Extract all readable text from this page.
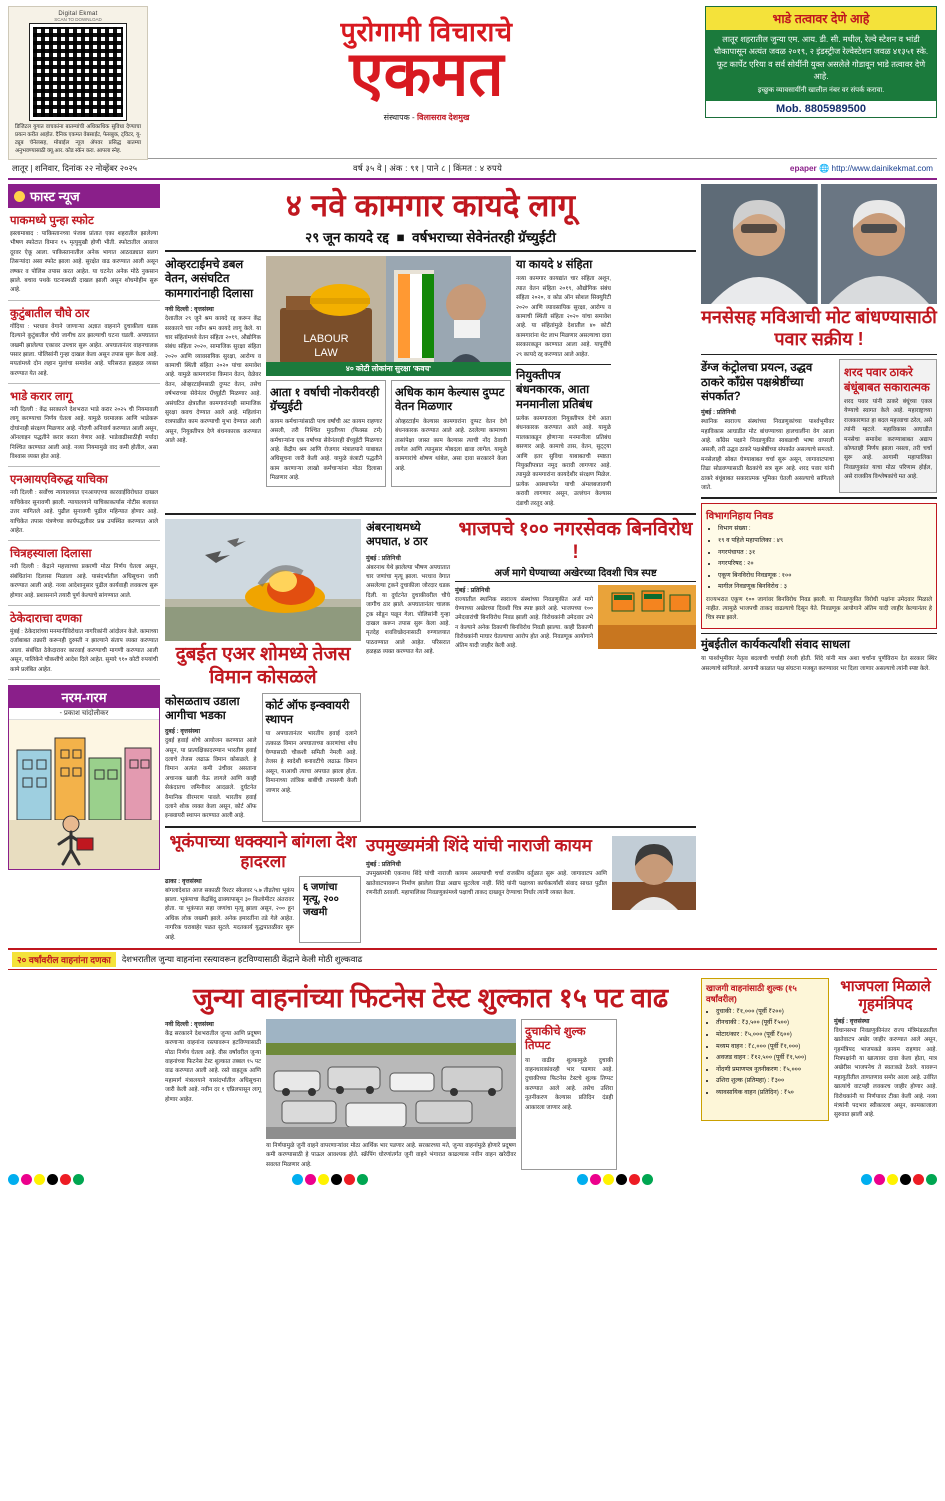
Digital Ekmat
SCAN TO DOWNLOAD
डिजिटल युगात वाचकांना बातम्यांची अधिकाधिक सुविधा देण्याचा प्रयत्न करीत आहोत. दैनिक एकमत वेबसाईट, फेसबुक, ट्विटर, यू-ट्यूब चॅनेलसह, मोबाईल न्यूज ॲपवर प्रसिद्ध बातम्या अनुभवण्यासाठी क्यू.आर. कोड स्कॅन करा. आपला स्नेह.
पुरोगामी विचाराचे
एकमत
संस्थापक - विलासराव देशमुख
भाडे तत्वावर देणे आहे
लातूर शहरातील जुन्या एम. आय. डी. सी. मधील, रेल्वे स्टेशन व भांडी चौकापासून अत्यंत जवळ २०१९, २ इंडस्ट्रीज रेल्वेस्टेशन जवळ ४१३५१ स्के. फूट कार्पेट एरिया व सर्व सोयींनी युक्त असलेले गोडावून भाडे तत्वावर देणे आहे.
इच्छुक व्यावसायींनी खालील नंबर वर संपर्क करावा.
Mob. 8805989500
लातूर | शनिवार, दिनांक २२ नोव्हेंबर २०२५	वर्ष ३५ वे | अंक : ९१ | पाने ८ | किंमत : ४ रुपये	epaper 🌐 http://www.dainikekmat.com
फास्ट न्यूज
पाकमध्ये पुन्हा स्फोट
इस्लामाबाद : पाकिस्तानच्या पंजाब प्रांतात एका शहरातील झालेल्या भीषण स्फोटात विमान १५ मृत्युमुखी होणी भीती. स्फोटातील आवाज दूरवर ऐकू आला. पाकिस्तानातील अनेक भागात आठवड्यात सलग तिसऱ्यांदा असा स्फोट झाला आहे. सुरक्षेत वाढ करण्यात आली असून लष्कर व पोलिस तपास करत आहेत. या घटनेत अनेक मोठे नुकसान झाले. बचाव पथके घटनास्थळी दाखल झाली असून शोधमोहीम सुरू आहे.
कुटुंबातील चौघे ठार
गोंदिया : भरधाव वेगाने जाणाऱ्या अज्ञात वाहनाने दुचाकीला धडक दिल्याने कुटुंबातील चौघे जागीच ठार झाल्याची घटना घडली. अपघातात जखमी झालेल्या एकावर उपचार सुरू आहेत. अपघातानंतर वाहनचालक पसार झाला. पोलिसांनी गुन्हा दाखल केला असून तपास सुरू केला आहे. मयतांमध्ये दोन लहान मुलांचा समावेश आहे. परिसरात हळहळ व्यक्त करण्यात येत आहे.
भाडे करार लागू
नवी दिल्ली : केंद्र सरकारने देशभरात भाडे करार २०२५ ची नियमावली लागू करण्याचा निर्णय घेतला आहे. यामुळे घरमालक आणि भाडेकरू दोघांनाही संरक्षण मिळणार आहे. नोंदणी अनिवार्य करण्यात आली असून, ऑनलाइन पद्धतीने करार करता येणार आहे. भाडेवाढीसाठीही मर्यादा निश्चित करण्यात आली आहे. नव्या नियमामुळे वाद कमी होतील, असा विश्वास व्यक्त होत आहे.
एनआयएविरुद्ध याचिका
नवी दिल्ली : सर्वोच्च न्यायालयात एनआयएच्या कारवाईविरोधात दाखल याचिकेवर सुनावणी झाली. न्यायालयाने याचिकाकर्त्यास नोटीस बजावत उत्तर मागितले आहे. पुढील सुनावणी पुढील महिन्यात होणार आहे. याचिकेत तपास यंत्रणेच्या कार्यपद्धतीवर प्रश्न उपस्थित करण्यात आले आहेत.
चित्रहस्याला दिलासा
नवी दिल्ली : केंद्राने महत्त्वाच्या प्रकरणी मोठा निर्णय घेतला असून, संबंधितांना दिलासा मिळाला आहे. यासंदर्भातील अधिसूचना जारी करण्यात आली आहे. नव्या आदेशानुसार पुढील कार्यवाही लवकरच सुरू होणार आहे. प्रशासनाने तयारी पूर्ण केल्याचे सांगण्यात आले.
ठेकेदाराचा दणका
मुंबई : ठेकेदारांच्या मनमानीविरोधात नागरिकांनी आंदोलन केले. कामाच्या दर्जाबाबत तक्रारी करूनही दुरुस्ती न झाल्याने संताप व्यक्त करण्यात आला. संबंधित ठेकेदारावर कारवाई करण्याची मागणी करण्यात आली असून, पालिकेने चौकशीचे आदेश दिले आहेत. सुमारे ९१० कोटी रुपयांची कामे प्रलंबित आहेत.
नरम-गरम
- प्रकाश चांदोलीकर
४ नवे कामगार कायदे लागू
२९ जून कायदे रद्द  ■  वर्षभराच्या सेवेनंतरही ग्रॅच्युईटी
ओव्हरटाईमचे डबल वेतन, असंघटित कामगारांनाही दिलासा
नवी दिल्ली : वृत्तसंस्था
देशातील २९ जुने श्रम कायदे रद्द करून केंद्र सरकारने चार नवीन श्रम कायदे लागू केले. या चार संहितांमध्ये वेतन संहिता २०१९, औद्योगिक संबंध संहिता २०२०, सामाजिक सुरक्षा संहिता २०२० आणि व्यावसायिक सुरक्षा, आरोग्य व कामाची स्थिती संहिता २०२० यांचा समावेश आहे. यामुळे कामगारांना किमान वेतन, वेळेवर वेतन, ओव्हरटाईमसाठी दुप्पट वेतन, तसेच वर्षभराच्या सेवेनंतर ग्रॅच्युईटी मिळणार आहे. असंघटित क्षेत्रातील कामगारांनाही सामाजिक सुरक्षा कवच देण्यात आले आहे. महिलांना रात्रपाळीत काम करण्याची मुभा देण्यात आली असून, नियुक्तीपत्र देणे बंधनकारक करण्यात आले आहे.
LABOUR
LAW
४० कोटी लोकांना सुरक्षा 'कवच'
आता १ वर्षाची नोकरीवरही ग्रॅच्युईटी
कायम कर्मचाऱ्यांसाठी पाच वर्षांची अट कायम राहणार असली, तरी निश्चित मुदतीच्या (फिक्स्ड टर्म) कर्मचाऱ्यांना एक वर्षाच्या सेवेनंतरही ग्रॅच्युईटी मिळणार आहे. केंद्रीय श्रम आणि रोजगार मंत्रालयाने याबाबत अधिसूचना जारी केली आहे. यामुळे कंत्राटी पद्धतीने काम करणाऱ्या लाखो कर्मचाऱ्यांना मोठा दिलासा मिळणार आहे.
अधिक काम केल्यास दुप्पट वेतन मिळणार
ओव्हरटाईम केल्यास कामगारांना दुप्पट वेतन देणे बंधनकारक करण्यात आले आहे. ठरलेल्या कामाच्या तासांपेक्षा जास्त काम केल्यास त्याची नोंद ठेवावी लागेल आणि त्यानुसार मोबदला द्यावा लागेल. यामुळे कामगारांचे शोषण थांबेल, असा दावा सरकारने केला आहे.
या कायदे ४ संहिता
नव्या कामगार कायद्यांत चार संहिता अशून, त्यात वेतन संहिता २०१९, औद्योगिक संबंध संहिता २०२०, व कोड ऑन सोशल सिक्युरिटी २०२० आणि व्यावसायिक सुरक्षा, आरोग्य व कामाची स्थिती संहिता २०२० यांचा समावेश आहे. या संहितांमुळे देशातील ४० कोटी कामगारांना थेट लाभ मिळणार असल्याचा दावा सरकारकडून करण्यात आला आहे. यापूर्वीचे २९ कायदे रद्द करण्यात आले आहेत.
नियुक्तीपत्र बंधनकारक, आता मनमानीला प्रतिबंध
प्रत्येक कामगाराला नियुक्तीपत्र देणे आता बंधनकारक करण्यात आले आहे. यामुळे मालकाकडून होणाऱ्या मनमानीला प्रतिबंध बसणार आहे. कामाचे तास, वेतन, सुट्ट्या आणि इतर सुविधा याबाबतची स्पष्टता नियुक्तीपत्रात नमूद करावी लागणार आहे. त्यामुळे कामगारांना कायदेशीर संरक्षण मिळेल. प्रत्येक आस्थापनेत याची अंमलबजावणी करावी लागणार असून, उल्लंघन केल्यास दंडाची तरतूद आहे.
दुबईत एअर शोमध्ये तेजस विमान कोसळले
कोसळताच उडाला आगीचा भडका
दुबई : वृत्तसंस्था
दुबई हवाई शोचे आयोजन करण्यात आले असून, या प्रात्यक्षिकादरम्यान भारतीय हवाई दलाचे तेजस लढाऊ विमान कोसळले. हे विमान अत्यंत कमी उंचीवर असताना अचानक खाली येऊ लागले आणि काही सेकंदातच जमिनीवर आदळले. दुर्घटनेत वैमानिक वीरमरण पावले. भारतीय हवाई दलाने शोक व्यक्त केला असून, कोर्ट ऑफ इन्क्वायरी स्थापन करण्यात आली आहे.
कोर्ट ऑफ इन्क्वायरी स्थापन
या अपघातानंतर भारतीय हवाई दलाने तत्काळ विमान अपघाताच्या कारणांचा शोध घेण्यासाठी चौकशी समिती नेमली आहे. तेजस हे स्वदेशी बनावटीचे लढाऊ विमान असून, याआधी त्याचा अपघात झाला होता. विमानाच्या तांत्रिक बाबींची तपासणी केली जाणार आहे.
अंबरनाथमध्ये अपघात, ४ ठार
मुंबई : प्रतिनिधी
अंबरनाथ येथे झालेल्या भीषण अपघातात चार जणांचा मृत्यू झाला. भरधाव वेगात असलेल्या ट्रकने दुचाकीला जोरदार धडक दिली. या दुर्घटनेत दुचाकीवरील चौघे जागीच ठार झाले. अपघातानंतर चालक ट्रक सोडून पळून गेला. पोलिसांनी गुन्हा दाखल करून तपास सुरू केला आहे. मृतदेह शवविच्छेदनासाठी रुग्णालयात पाठवण्यात आले आहेत. परिसरात हळहळ व्यक्त करण्यात येत आहे.
भाजपचे १०० नगरसेवक बिनविरोध !
अर्ज मागे घेण्याच्या अखेरच्या दिवशी चित्र स्पष्ट
मुंबई : प्रतिनिधी
राज्यातील स्थानिक स्वराज्य संस्थांच्या निवडणुकीत अर्ज मागे घेण्याच्या अखेरच्या दिवशी चित्र स्पष्ट झाले आहे. भाजपच्या १०० उमेदवारांची बिनविरोध निवड झाली आहे. विरोधकांनी उमेदवार उभे न केल्याने अनेक ठिकाणी बिनविरोध निवडी झाल्या. काही ठिकाणी विरोधकांनी माघार घेतल्याचा आरोप होत आहे. निवडणूक आयोगाने अंतिम यादी जाहीर केली आहे.
भूकंपाच्या धक्क्याने बांगला देश हादरला
ढाका : वृत्तसंस्था
बांगलादेशात आज सकाळी रिश्टर स्केलवर ५.७ तीव्रतेचा भूकंप झाला. भूकंपाचा केंद्रबिंदू ढाक्यापासून ३० किलोमीटर अंतरावर होता. या भूकंपात सहा जणांचा मृत्यू झाला असून, २०० हून अधिक लोक जखमी झाले. अनेक इमारतींना तडे गेले आहेत. नागरिक घराबाहेर पळत सुटले. मदतकार्य युद्धपातळीवर सुरू आहे.
६ जणांचा मृत्यू, २०० जखमी
उपमुख्यमंत्री शिंदे यांची नाराजी कायम
मुंबई : प्रतिनिधी
उपमुख्यमंत्री एकनाथ शिंदे यांची नाराजी कायम असल्याची चर्चा राजकीय वर्तुळात सुरू आहे. जागावाटप आणि खातेवाटपावरून निर्माण झालेला तिढा अद्याप सुटलेला नाही. शिंदे यांनी पक्षाच्या कार्यकर्त्यांशी संवाद साधत पुढील रणनीती ठरवली. महापालिका निवडणुकांमध्ये पक्षाची ताकद दाखवून देण्याचा निर्धार त्यांनी व्यक्त केला.
मनसेसह मविआची मोट बांधण्यासाठी पवार सक्रीय !
डेंग्ज कंट्रोलचा प्रयत्न, उद्धव ठाकरे काँग्रेस पक्षश्रेष्ठींच्या संपर्कात?
मुंबई : प्रतिनिधी
स्थानिक स्वराज्य संस्थांच्या निवडणुकांच्या पार्श्वभूमीवर महाविकास आघाडीत मोट बांधण्याच्या हालचालींना वेग आला आहे. काँग्रेस पक्षाने निवडणुकीत स्वबळाची भाषा वापरली असली, तरी उद्धव ठाकरे पक्षश्रेष्ठींच्या संपर्कात असल्याचे समजते. मनसेलाही सोबत घेण्याबाबत चर्चा सुरू असून, जागावाटपाचा तिढा सोडवण्यासाठी बैठकांचे सत्र सुरू आहे. शरद पवार यांनी ठाकरे बंधूंबाबत सकारात्मक भूमिका घेतली असल्याचे सांगितले जाते.
शरद पवार ठाकरे बंधूंबाबत सकारात्मक
शरद पवार यांनी ठाकरे बंधूंच्या एकत्र येण्याचे स्वागत केले आहे. महाराष्ट्राच्या राजकारणात हा बदल महत्त्वाचा ठरेल, असे त्यांनी म्हटले. महाविकास आघाडीत मनसेचा समावेश करण्याबाबत अद्याप कोणताही निर्णय झाला नसला, तरी चर्चा सुरू आहे. आगामी महापालिका निवडणुकांत याचा मोठा परिणाम होईल, असे राजकीय विश्लेषकांचे मत आहे.
विभागनिहाय निवड
• विभाग संख्या :
• १९ व पहिले महापालिका : ४९
• नगरपंचायत : ३१
• नगरपरिषद : २०
• एकूण बिनविरोध निवडणूक : १००
• मागील निवडणूक बिनविरोध : ३
राज्यभरात एकूण १०० जागांवर बिनविरोध निवड झाली. या निवडणुकीत विरोधी पक्षांना उमेदवार मिळाले नाहीत. त्यामुळे भाजपची ताकद वाढल्याचे दिसून येते. निवडणूक आयोगाने अंतिम यादी जाहीर केल्यानंतर हे चित्र स्पष्ट झाले.
मुंबईतील कार्यकर्त्यांशी संवाद साधला
या पार्श्वभूमीवर नेतृत्व बदलाची चर्चाही रंगली होती. शिंदे यांनी मात्र अशा चर्चांना पूर्णविराम देत सरकार स्थिर असल्याचे सांगितले. आगामी काळात पक्ष संघटना मजबूत करण्यावर भर दिला जाणार असल्याचे त्यांनी स्पष्ट केले.
२० वर्षांवरील वाहनांना दणका	देशभरातील जुन्या वाहनांना रस्त्यावरून हटविण्यासाठी केंद्राने केली मोठी शुल्कवाढ
जुन्या वाहनांच्या फिटनेस टेस्ट शुल्कात १५ पट वाढ
नवी दिल्ली : वृत्तसंस्था
केंद्र सरकारने देशभरातील जुन्या आणि प्रदूषण करणाऱ्या वाहनांना रस्त्यावरून हटविण्यासाठी मोठा निर्णय घेतला आहे. वीस वर्षांवरील जुन्या वाहनांच्या फिटनेस टेस्ट शुल्कात तब्बल १५ पट वाढ करण्यात आली आहे. रस्ते वाहतूक आणि महामार्ग मंत्रालयाने यासंदर्भातील अधिसूचना जारी केली आहे. नवीन दर १ एप्रिलपासून लागू होणार आहेत.
या निर्णयामुळे जुनी वाहने वापरणाऱ्यांवर मोठा आर्थिक भार पडणार आहे. सरकारच्या मते, जुन्या वाहनांमुळे होणारे प्रदूषण कमी करण्यासाठी हे पाऊल आवश्यक होते. स्क्रॅपिंग धोरणांतर्गत जुनी वाहने भंगारात काढल्यास नवीन वाहन खरेदीवर सवलत मिळणार आहे.
दुचाकीचे शुल्क तिप्पट
या वाढीव शुल्कामुळे दुचाकी वाहनधारकांवरही भार पडणार आहे. दुचाकीच्या फिटनेस टेस्टचे शुल्क तिप्पट करण्यात आले आहे. तसेच उशिरा नूतनीकरण केल्यास प्रतिदिन दंडही आकारला जाणार आहे.
खाजगी वाहनांसाठी शुल्क (१५ वर्षांवरील)
• दुचाकी : ₹१,००० (पूर्वी ₹२००)
• तीनचाकी : ₹३,५०० (पूर्वी ₹५००)
• मोटार/कार : ₹५,००० (पूर्वी ₹६००)
• मध्यम वाहन : ₹८,००० (पूर्वी ₹१,०००)
• अवजड वाहन : ₹१२,५०० (पूर्वी ₹१,५००)
• नोंदणी प्रमाणपत्र नूतनीकरण : ₹५,०००
• उशिरा शुल्क (प्रतिमहा) : ₹३००
• व्यावसायिक वाहन (प्रतिदिन) : ₹५०
भाजपला मिळाले गृहमंत्रिपद
मुंबई : वृत्तसंस्था
विधानसभा निवडणुकीनंतर राज्य मंत्रिमंडळातील खातेवाटप अखेर जाहीर करण्यात आले असून, गृहमंत्रिपद भाजपकडे कायम राहणार आहे. मित्रपक्षांनी या खात्यावर दावा केला होता, मात्र अखेरीस भाजपनेच ते स्वतःकडे ठेवले. यावरून महायुतीतील ताणतणाव समोर आला आहे. उर्वरित खात्यांचे वाटपही लवकरच जाहीर होणार आहे. विरोधकांनी या निर्णयावर टीका केली आहे. नव्या मंत्र्यांनी पदभार स्वीकारला असून, कामकाजाला सुरुवात झाली आहे.
